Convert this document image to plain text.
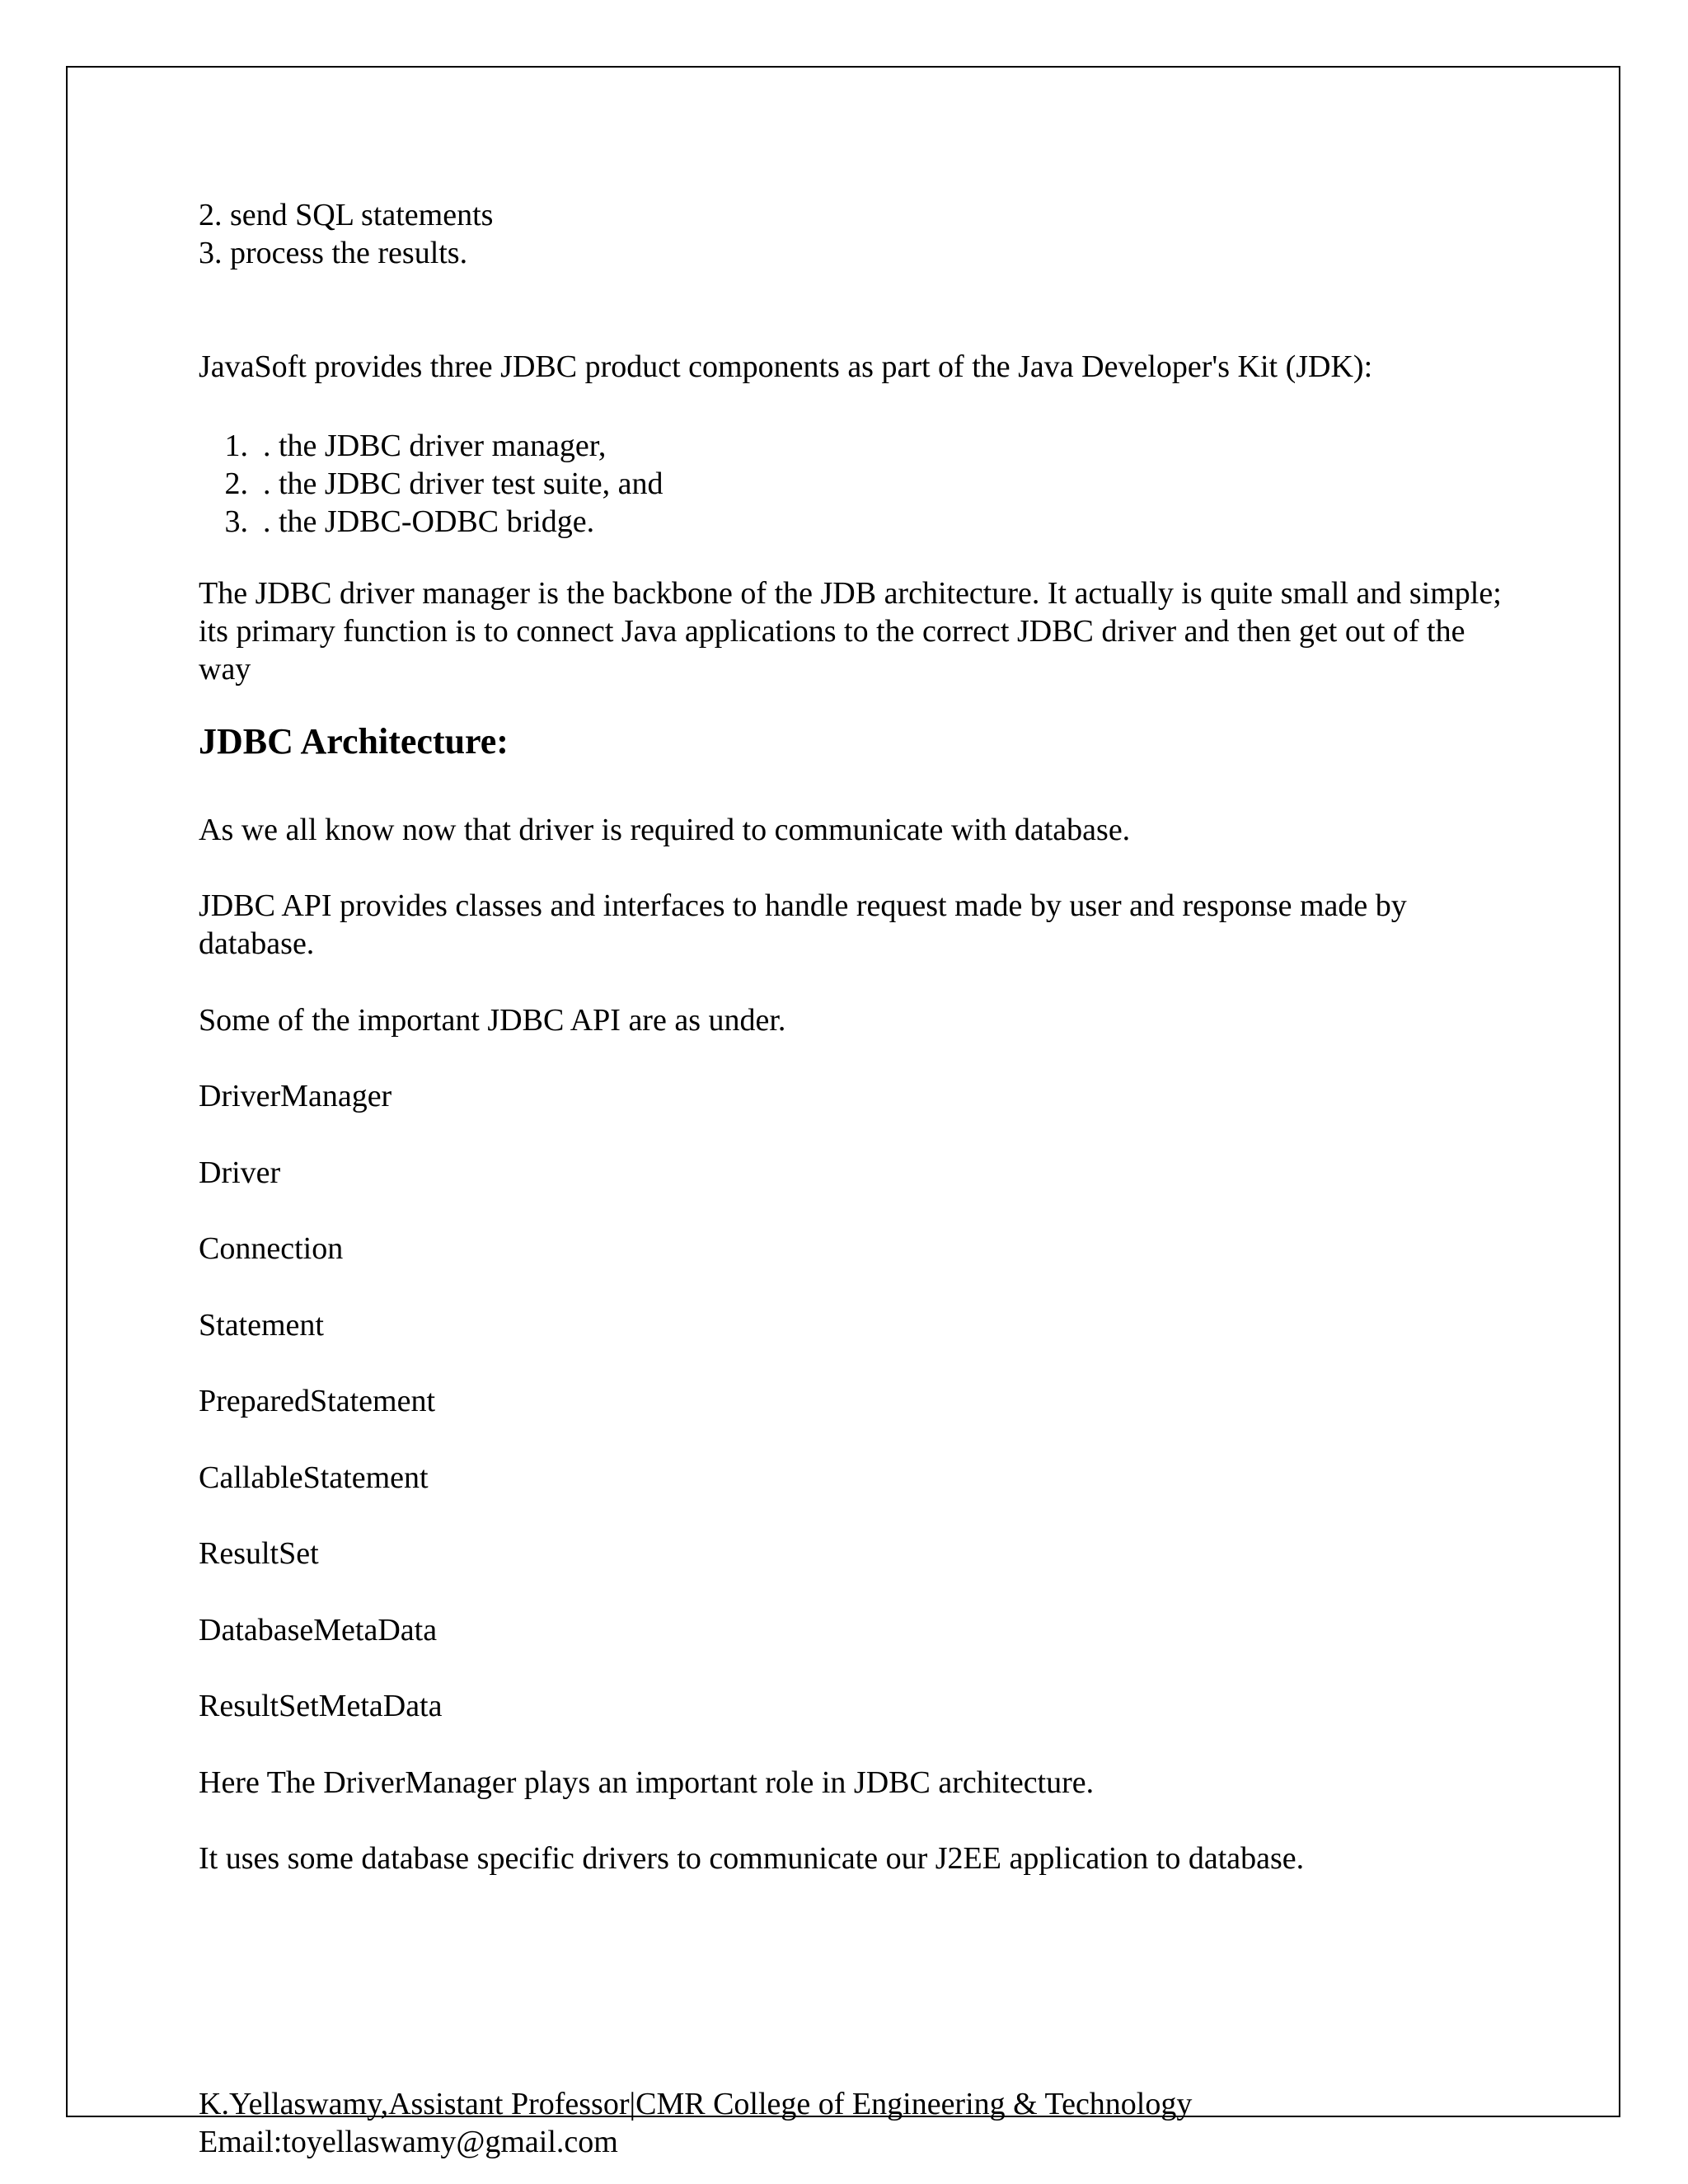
2. send SQL statements
3. process the results.
JavaSoft provides three JDBC product components as part of the Java Developer's Kit (JDK):
1. . the JDBC driver manager,
2. . the JDBC driver test suite, and
3. . the JDBC-ODBC bridge.
The JDBC driver manager is the backbone of the JDB architecture. It actually is quite small and simple; its primary function is to connect Java applications to the correct JDBC driver and then get out of the way
JDBC Architecture:
As we all know now that driver is required to communicate with database.
JDBC API provides classes and interfaces to handle request made by user and response made by database.
Some of the important JDBC API are as under.
DriverManager
Driver
Connection
Statement
PreparedStatement
CallableStatement
ResultSet
DatabaseMetaData
ResultSetMetaData
Here The DriverManager plays an important role in JDBC architecture.
It uses some database specific drivers to communicate our J2EE application to database.
K.Yellaswamy,Assistant Professor|CMR College of Engineering & Technology
Email:toyellaswamy@gmail.com
